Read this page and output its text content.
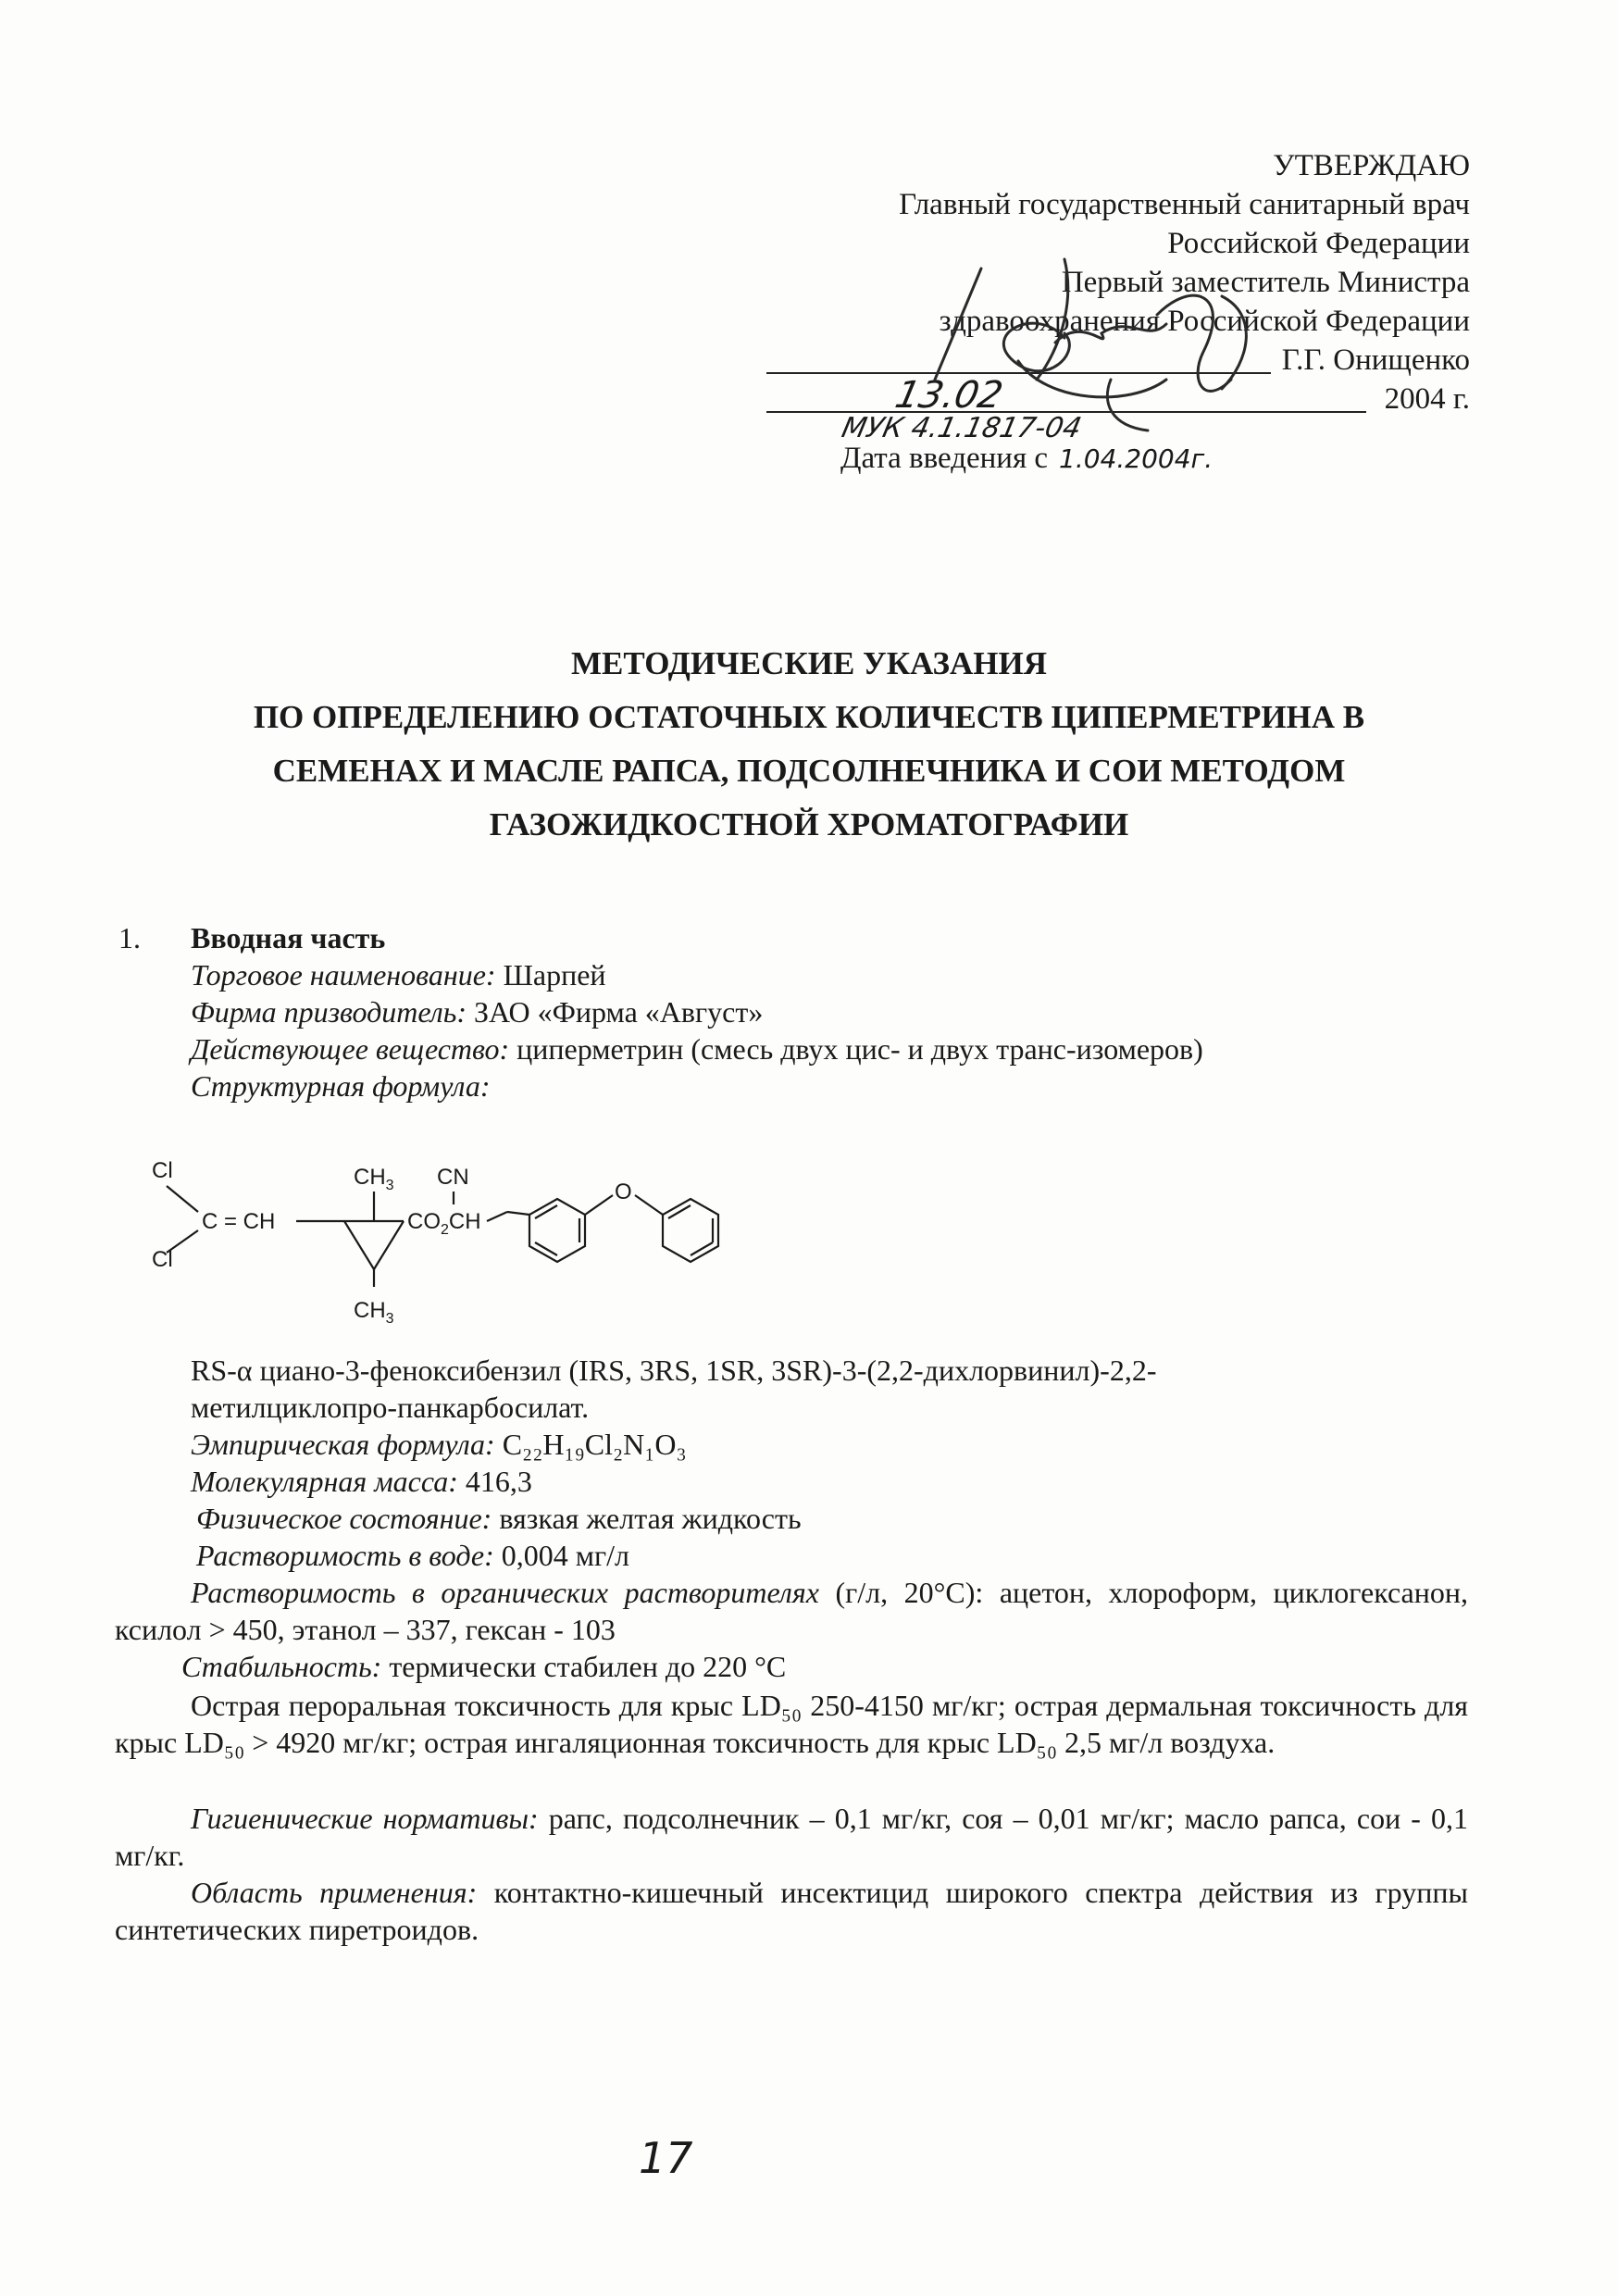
УТВЕРЖДАЮ
Главный государственный санитарный врач
Российской Федерации
Первый заместитель Министра
здравоохранения Российской Федерации
Г.Г. Онищенко
13.02	2004 г.
МУК 4.1.1817-04
Дата введения с 1.04.2004г.
МЕТОДИЧЕСКИЕ УКАЗАНИЯ
ПО ОПРЕДЕЛЕНИЮ ОСТАТОЧНЫХ КОЛИЧЕСТВ ЦИПЕРМЕТРИНА В
СЕМЕНАХ И МАСЛЕ РАПСА, ПОДСОЛНЕЧНИКА И СОИ МЕТОДОМ
ГАЗОЖИДКОСТНОЙ ХРОМАТОГРАФИИ
1. Вводная часть
Торговое наименование: Шарпей
Фирма призводитель: ЗАО «Фирма «Август»
Действующее вещество: циперметрин (смесь двух цис- и двух транс-изомеров)
Структурная формула:
Cl
Cl
C = CH
$CH_3$
$CH_3$
CN
$CO_2CH$
O
RS-α циано-3-феноксибензил (IRS, 3RS, 1SR, 3SR)-3-(2,2-дихлорвинил)-2,2-
метилциклопро-панкарбосилат.
Эмпирическая формула: C₂₂H₁₉Cl₂N₁O₃
Молекулярная масса: 416,3
Физическое состояние: вязкая желтая жидкость
Растворимость в воде: 0,004 мг/л
Растворимость в органических растворителях (г/л, 20°С): ацетон, хлороформ, циклогексанон, ксилол > 450, этанол – 337, гексан - 103
Стабильность: термически стабилен до 220 °С
Острая пероральная токсичность для крыс LD₅₀ 250-4150 мг/кг; острая дермальная токсичность для крыс LD₅₀ > 4920 мг/кг; острая ингаляционная токсичность для крыс LD₅₀ 2,5 мг/л воздуха.
Гигиенические нормативы: рапс, подсолнечник – 0,1 мг/кг, соя – 0,01 мг/кг; масло рапса, сои - 0,1 мг/кг.
Область применения: контактно-кишечный инсектицид широкого спектра действия из группы синтетических пиретроидов.
17
